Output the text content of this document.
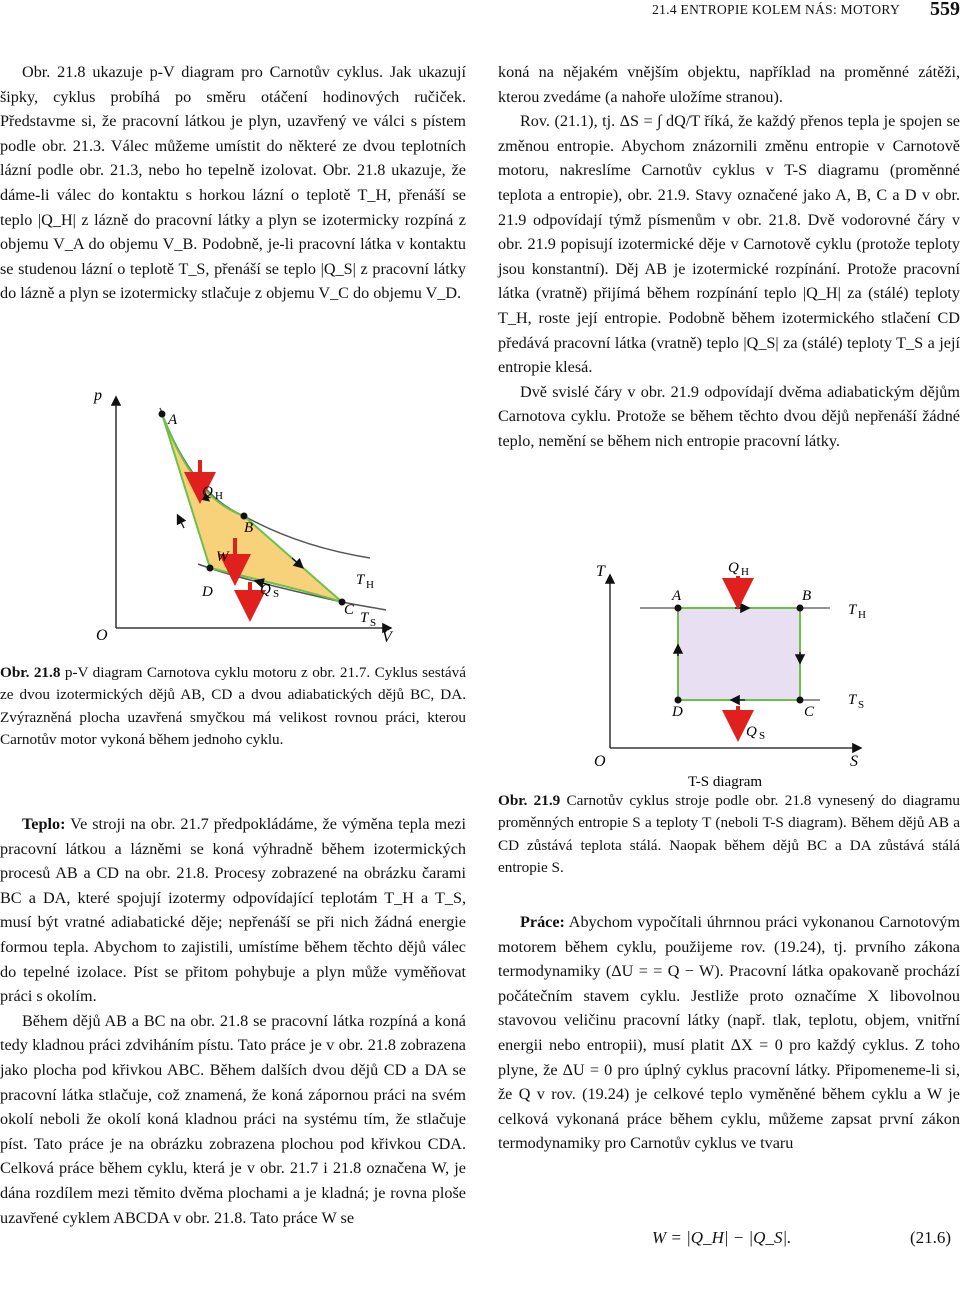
21.4 ENTROPIE KOLEM NÁS: MOTORY 559

Obr. 21.8 ukazuje p-V diagram pro Carnotův cyklus. Jak ukazují šipky, cyklus probíhá po směru otáčení hodinových ručiček. Představme si, že pracovní látkou je plyn, uzavřený ve válci s pístem podle obr. 21.3. Válec můžeme umístit do některé ze dvou teplotních lázní podle obr. 21.3, nebo ho tepelně izolovat. Obr. 21.8 ukazuje, že dáme-li válec do kontaktu s horkou lázní o teplotě T_H, přenáší se teplo |Q_H| z lázně do pracovní látky a plyn se izotermicky rozpíná z objemu V_A do objemu V_B. Podobně, je-li pracovní látka v kontaktu se studenou lázní o teplotě T_S, přenáší se teplo |Q_S| z pracovní látky do lázně a plyn se izotermicky stlačuje z objemu V_C do objemu V_D.

p
V
O
A
B
C
D
Q H
W
Q S
T H
T S
Obr. 21.8 p-V diagram Carnotova cyklu motoru z obr. 21.7. Cyklus sestává ze dvou izotermických dějů AB, CD a dvou adiabatických dějů BC, DA. Zvýrazněná plocha uzavřená smyčkou má velikost rovnou práci, kterou Carnotův motor vykoná během jednoho cyklu.

Teplo: Ve stroji na obr. 21.7 předpokládáme, že výměna tepla mezi pracovní látkou a lázněmi se koná výhradně během izotermických procesů AB a CD na obr. 21.8. Procesy zobrazené na obrázku čarami BC a DA, které spojují izotermy odpovídající teplotám T_H a T_S, musí být vratné adiabatické děje; nepřenáší se při nich žádná energie formou tepla. Abychom to zajistili, umístíme během těchto dějů válec do tepelné izolace. Píst se přitom pohybuje a plyn může vyměňovat práci s okolím.

Během dějů AB a BC na obr. 21.8 se pracovní látka rozpíná a koná tedy kladnou práci zdviháním pístu. Tato práce je v obr. 21.8 zobrazena jako plocha pod křivkou ABC. Během dalších dvou dějů CD a DA se pracovní látka stlačuje, což znamená, že koná zápornou práci na svém okolí neboli že okolí koná kladnou práci na systému tím, že stlačuje píst. Tato práce je na obrázku zobrazena plochou pod křivkou CDA. Celková práce během cyklu, která je v obr. 21.7 i 21.8 označena W, je dána rozdílem mezi těmito dvěma plochami a je kladná; je rovna ploše uzavřené cyklem ABCDA v obr. 21.8. Tato práce W se

koná na nějakém vnějším objektu, například na proměnné zátěži, kterou zvedáme (a nahoře uložíme stranou).

Rov. (21.1), tj. ΔS = ∫ dQ/T říká, že každý přenos tepla je spojen se změnou entropie. Abychom znázornili změnu entropie v Carnotově motoru, nakreslíme Carnotův cyklus v T-S diagramu (proměnné teplota a entropie), obr. 21.9. Stavy označené jako A, B, C a D v obr. 21.9 odpovídají týmž písmenům v obr. 21.8. Dvě vodorovné čáry v obr. 21.9 popisují izotermické děje v Carnotově cyklu (protože teploty jsou konstantní). Děj AB je izotermické rozpínání. Protože pracovní látka (vratně) přijímá během rozpínání teplo |Q_H| za (stálé) teploty T_H, roste její entropie. Podobně během izotermického stlačení CD předává pracovní látka (vratně) teplo |Q_S| za (stálé) teploty T_S a její entropie klesá.

Dvě svislé čáry v obr. 21.9 odpovídají dvěma adiabatickým dějům Carnotova cyklu. Protože se během těchto dvou dějů nepřenáší žádné teplo, nemění se během nich entropie pracovní látky.

T
S
O
A	B
C
D
Q H
Q S
T H
T S
T-S diagram
Obr. 21.9 Carnotův cyklus stroje podle obr. 21.8 vynesený do diagramu proměnných entropie S a teploty T (neboli T-S diagram). Během dějů AB a CD zůstává teplota stálá. Naopak během dějů BC a DA zůstává stálá entropie S.

Práce: Abychom vypočítali úhrnnou práci vykonanou Carnotovým motorem během cyklu, použijeme rov. (19.24), tj. prvního zákona termodynamiky (ΔU = = Q − W). Pracovní látka opakovaně prochází počátečním stavem cyklu. Jestliže proto označíme X libovolnou stavovou veličinu pracovní látky (např. tlak, teplotu, objem, vnitřní energii nebo entropii), musí platit ΔX = 0 pro každý cyklus. Z toho plyne, že ΔU = 0 pro úplný cyklus pracovní látky. Připomeneme-li si, že Q v rov. (19.24) je celkové teplo vyměněné během cyklu a W je celková vykonaná práce během cyklu, můžeme zapsat první zákon termodynamiky pro Carnotův cyklus ve tvaru

W = |Q_H| − |Q_S|.	(21.6)
